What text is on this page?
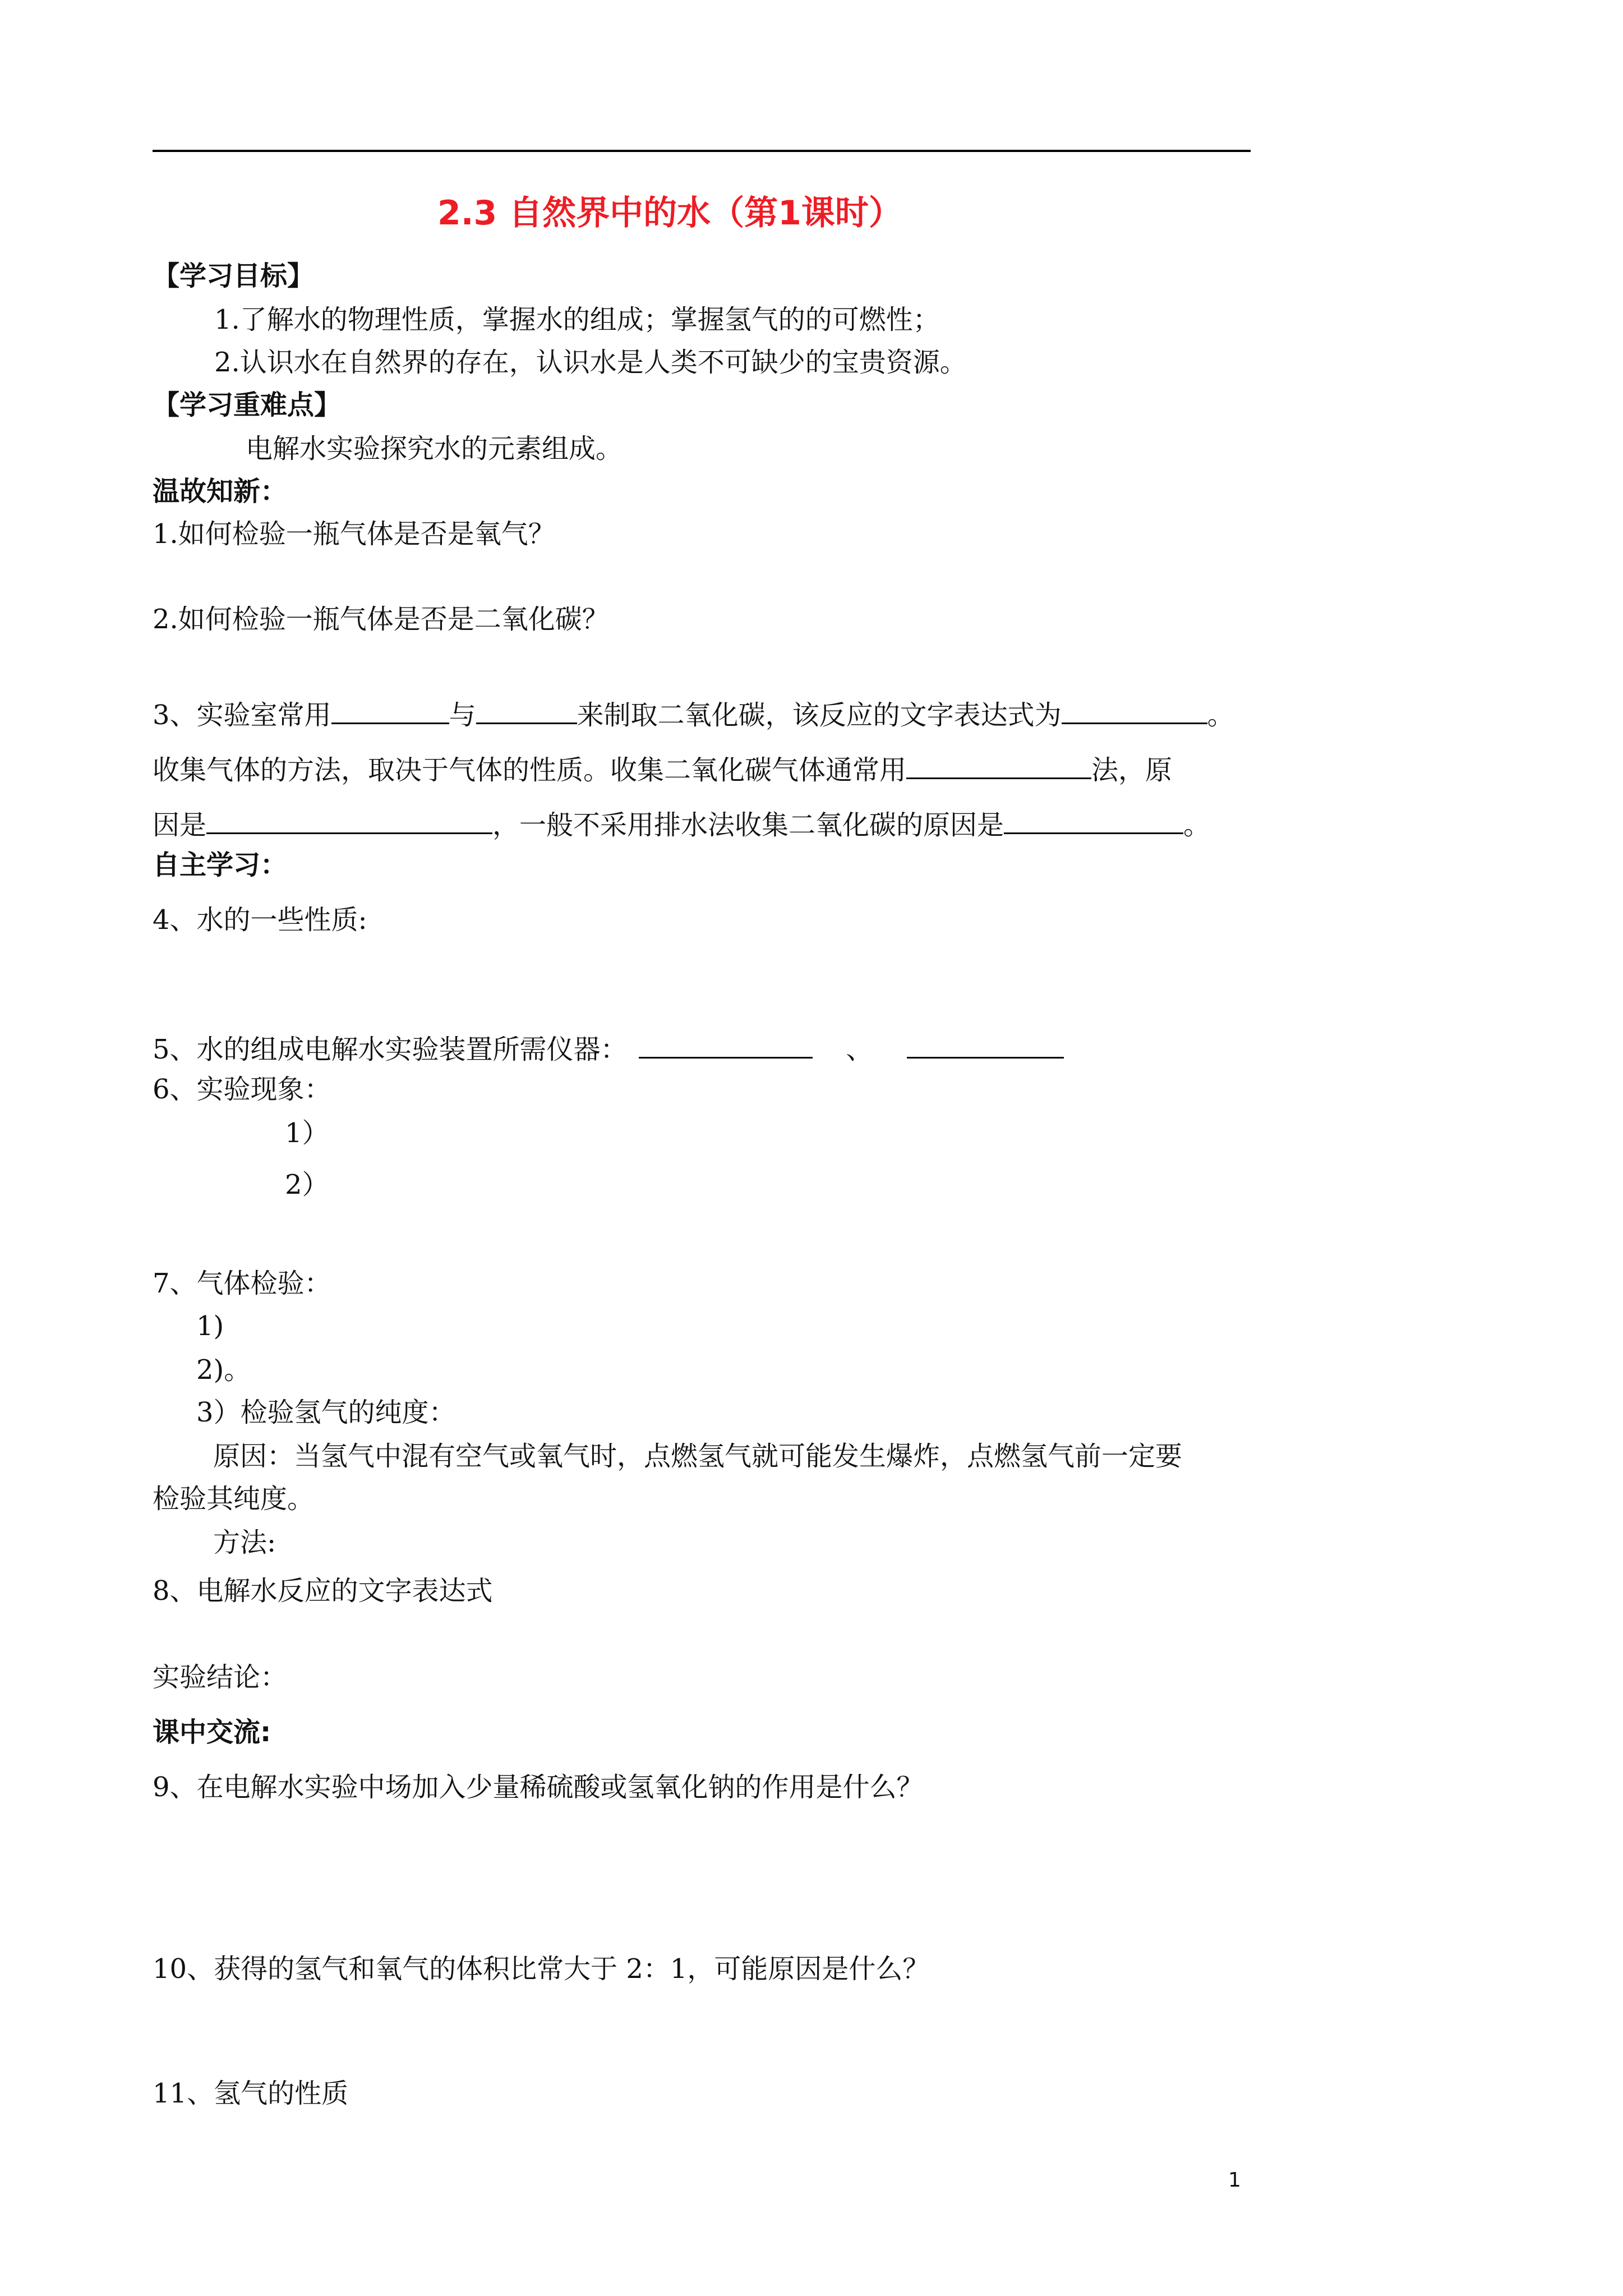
2.3 自然界中的水（第1课时）
【学习目标】
1.了解水的物理性质，掌握水的组成；掌握氢气的的可燃性；
2.认识水在自然界的存在，认识水是人类不可缺少的宝贵资源。
【学习重难点】
电解水实验探究水的元素组成。
温故知新：
1.如何检验一瓶气体是否是氧气？
2.如何检验一瓶气体是否是二氧化碳？
3、实验室常用	与	来制取二氧化碳，该反应的文字表达式为	。
收集气体的方法，取决于气体的性质。收集二氧化碳气体通常用	法，原
因是	，一般不采用排水法收集二氧化碳的原因是	。
自主学习：
4、水的一些性质:
5、水的组成电解水实验装置所需仪器：	、
6、实验现象：
1）
2）
7、气体检验：
1)
2)。
3）检验氢气的纯度：
原因：当氢气中混有空气或氧气时，点燃氢气就可能发生爆炸，点燃氢气前一定要
检验其纯度。
方法:
8、电解水反应的文字表达式
实验结论：
课中交流:
9、在电解水实验中场加入少量稀硫酸或氢氧化钠的作用是什么？
10、获得的氢气和氧气的体积比常大于 2：1，可能原因是什么？
11、氢气的性质
1
